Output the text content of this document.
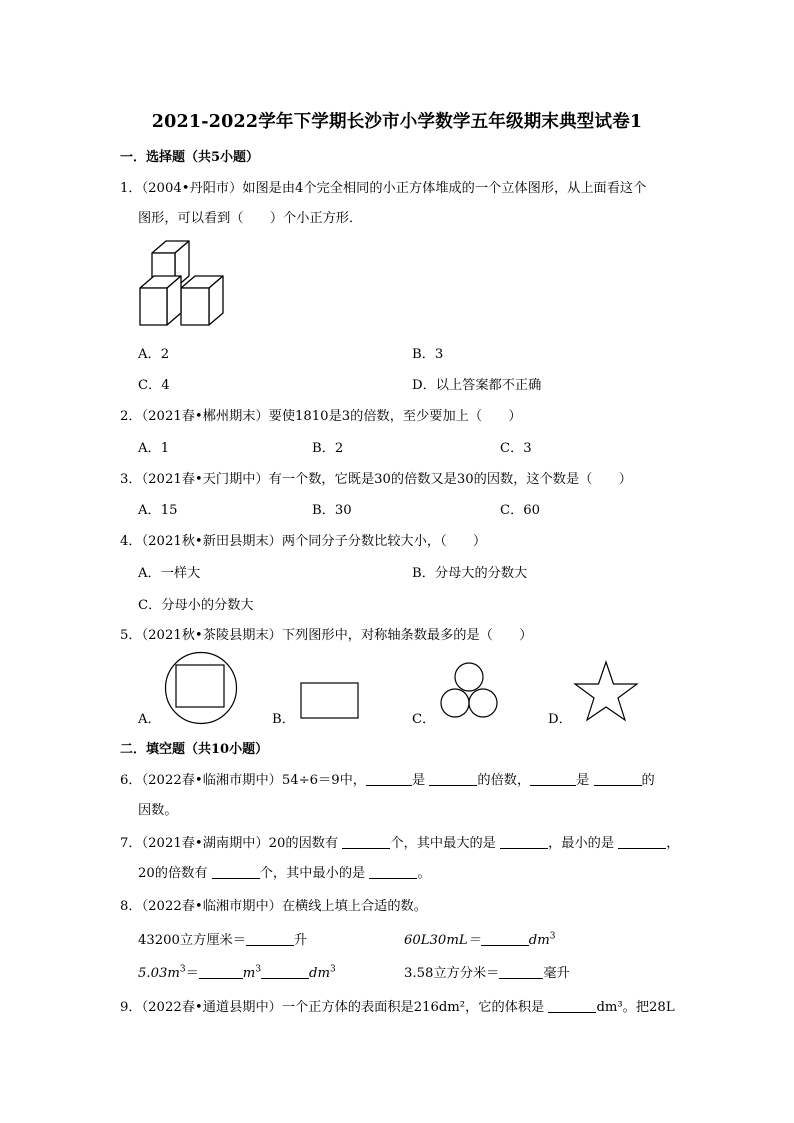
2021-2022学年下学期长沙市小学数学五年级期末典型试卷1
一．选择题（共5小题）
1．（2004•丹阳市）如图是由4个完全相同的小正方体堆成的一个立体图形，从上面看这个
图形，可以看到（　　）个小正方形．
A．2	B．3
C．4	D．以上答案都不正确
2．（2021春•郴州期末）要使1810是3的倍数，至少要加上（　　）
A．1	B．2	C．3
3．（2021春•天门期中）有一个数，它既是30的倍数又是30的因数，这个数是（　　）
A．15	B．30	C．60
4．（2021秋•新田县期末）两个同分子分数比较大小，（　　）
A．一样大	B．分母大的分数大
C．分母小的分数大
5．（2021秋•茶陵县期末）下列图形中，对称轴条数最多的是（　　）
A．	B．	C．	D．
二．填空题（共10小题）
6．（2022春•临湘市期中）54÷6＝9中，	是	的倍数，	是	的
因数。
7．（2021春•湖南期中）20的因数有	个，其中最大的是	，最小的是	，
20的倍数有	个，其中最小的是	。
8．（2022春•临湘市期中）在横线上填上合适的数。
43200立方厘米＝	升	60L30mL＝	$dm^3$
$5.03m^3=$	$m^3$	$dm^3$	3.58立方分米＝	毫升
9．（2022春•通道县期中）一个正方体的表面积是216dm²，它的体积是	dm³。把28L
